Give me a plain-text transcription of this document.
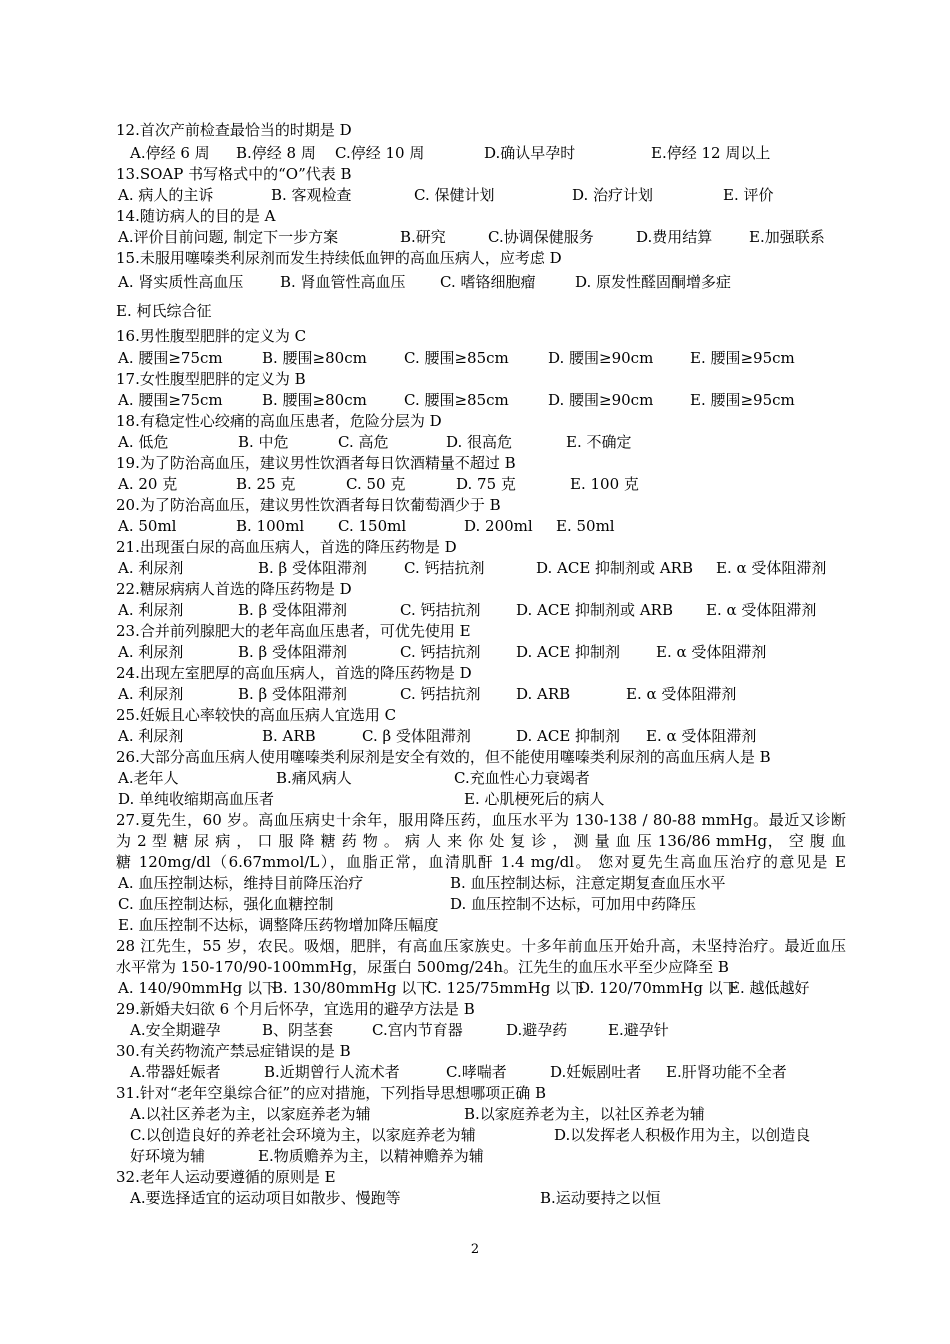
12.首次产前检查最恰当的时期是 D
A.停经 6 周 B.停经 8 周 C.停经 10 周	D.确认早孕时	E.停经 12 周以上
13.SOAP 书写格式中的“O”代表 B
A. 病人的主诉	B. 客观检查	C. 保健计划	D. 治疗计划	E. 评价
14.随访病人的目的是 A
A.评价目前问题, 制定下一步方案	B.研究	C.协调保健服务	D.费用结算 E.加强联系
15.未服用噻嗪类利尿剂而发生持续低血钾的高血压病人，应考虑 D
A. 肾实质性高血压 B. 肾血管性高血压 C. 嗜铬细胞瘤	D. 原发性醛固酮增多症
E. 柯氏综合征
16.男性腹型肥胖的定义为 C
A. 腰围≥75cm	B. 腰围≥80cm C. 腰围≥85cm	D. 腰围≥90cm E. 腰围≥95cm
17.女性腹型肥胖的定义为 B
A. 腰围≥75cm	B. 腰围≥80cm C. 腰围≥85cm	D. 腰围≥90cm E. 腰围≥95cm
18.有稳定性心绞痛的高血压患者，危险分层为 D
A. 低危	B. 中危	C. 高危	D. 很高危	E. 不确定
19.为了防治高血压，建议男性饮酒者每日饮酒精量不超过 B
A. 20 克	B. 25 克	C. 50 克	D. 75 克	E. 100 克
20.为了防治高血压，建议男性饮酒者每日饮葡萄酒少于 B
A. 50ml	B. 100ml C. 150ml	D. 200ml E. 50ml
21.出现蛋白尿的高血压病人，首选的降压药物是 D
A. 利尿剂	B. β 受体阻滞剂 C. 钙拮抗剂	D. ACE 抑制剂或 ARB E. α 受体阻滞剂
22.糖尿病病人首选的降压药物是 D
A. 利尿剂	B. β 受体阻滞剂	C. 钙拮抗剂 D. ACE 抑制剂或 ARB E. α 受体阻滞剂
23.合并前列腺肥大的老年高血压患者，可优先使用 E
A. 利尿剂	B. β 受体阻滞剂	C. 钙拮抗剂 D. ACE 抑制剂 E. α 受体阻滞剂
24.出现左室肥厚的高血压病人，首选的降压药物是 D
A. 利尿剂	B. β 受体阻滞剂	C. 钙拮抗剂 D. ARB	E. α 受体阻滞剂
25.妊娠且心率较快的高血压病人宜选用 C
A. 利尿剂	B. ARB	C. β 受体阻滞剂	D. ACE 抑制剂 E. α 受体阻滞剂
26.大部分高血压病人使用噻嗪类利尿剂是安全有效的，但不能使用噻嗪类利尿剂的高血压病人是 B
A.老年人	B.痛风病人	C.充血性心力衰竭者
D. 单纯收缩期高血压者	E. 心肌梗死后的病人
27.夏先生，60 岁。高血压病史十余年，服用降压药，血压水平为 130-138 / 80-88 mmHg。最近又诊断
为 2 型 糖 尿 病 ， 口 服 降 糖 药 物 。 病 人 来 你 处 复 诊 ， 测 量 血 压 136/86 mmHg， 空 腹 血
糖 120mg/dl（6.67mmol/L），血脂正常，血清肌酐 1.4 mg/dl。 您对夏先生高血压治疗的意见是 E
A. 血压控制达标，维持目前降压治疗	B. 血压控制达标，注意定期复查血压水平
C. 血压控制达标，强化血糖控制	D. 血压控制不达标，可加用中药降压
E. 血压控制不达标，调整降压药物增加降压幅度
28 江先生，55 岁，农民。吸烟，肥胖，有高血压家族史。十多年前血压开始升高，未坚持治疗。最近血压
水平常为 150-170/90-100mmHg，尿蛋白 500mg/24h。江先生的血压水平至少应降至 B
A. 140/90mmHg 以下
B. 130/80mmHg 以下
C. 125/75mmHg 以下
D. 120/70mmHg 以下
E. 越低越好
29.新婚夫妇欲 6 个月后怀孕，宜选用的避孕方法是 B
A.安全期避孕	B、阴茎套	C.宫内节育器	D.避孕药	E.避孕针
30.有关药物流产禁忌症错误的是 B
A.带器妊娠者	B.近期曾行人流术者	C.哮喘者	D.妊娠剧吐者 E.肝肾功能不全者
31.针对“老年空巢综合征”的应对措施，下列指导思想哪项正确 B
A.以社区养老为主，以家庭养老为辅	B.以家庭养老为主，以社区养老为辅
C.以创造良好的养老社会环境为主，以家庭养老为辅	D.以发挥老人积极作用为主，以创造良
好环境为辅	E.物质赡养为主，以精神赡养为辅
32.老年人运动要遵循的原则是 E
A.要选择适宜的运动项目如散步、慢跑等	B.运动要持之以恒
2
